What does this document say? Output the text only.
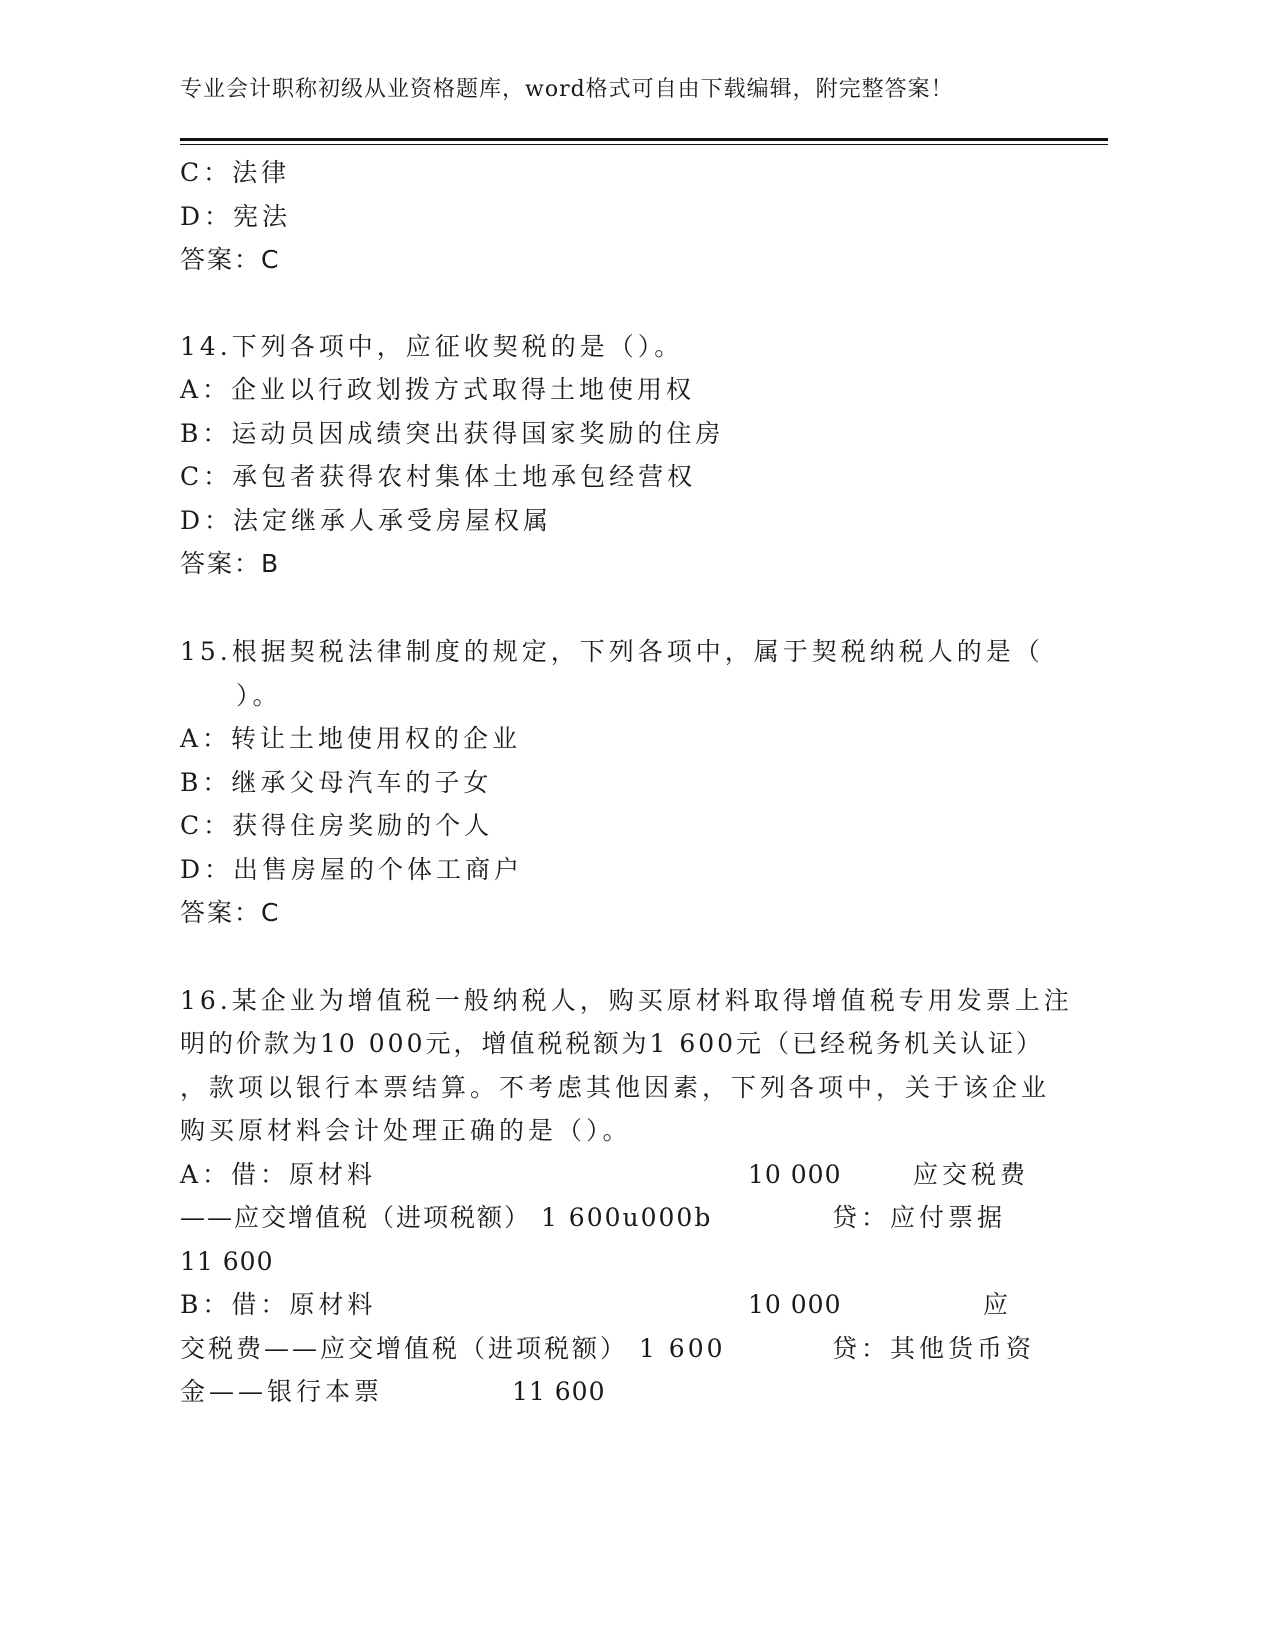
专业会计职称初级从业资格题库，word格式可自由下载编辑，附完整答案！
C：法律
D：宪法
答案：C
14.下列各项中，应征收契税的是（）。
A：企业以行政划拨方式取得土地使用权
B：运动员因成绩突出获得国家奖励的住房
C：承包者获得农村集体土地承包经营权
D：法定继承人承受房屋权属
答案：B
15.根据契税法律制度的规定，下列各项中，属于契税纳税人的是（
）。
A：转让土地使用权的企业
B：继承父母汽车的子女
C：获得住房奖励的个人
D：出售房屋的个体工商户
答案：C
16.某企业为增值税一般纳税人，购买原材料取得增值税专用发票上注
明的价款为10 000元，增值税税额为1 600元（已经税务机关认证）
，款项以银行本票结算。不考虑其他因素，下列各项中，关于该企业
购买原材料会计处理正确的是（）。
A：借：原材料	10 000	应交税费
——应交增值税（进项税额） 1 600u000b	贷：应付票据
11 600
B：借：原材料	10 000	应
交税费——应交增值税（进项税额） 1 600	贷：其他货币资
金——银行本票	11 600
